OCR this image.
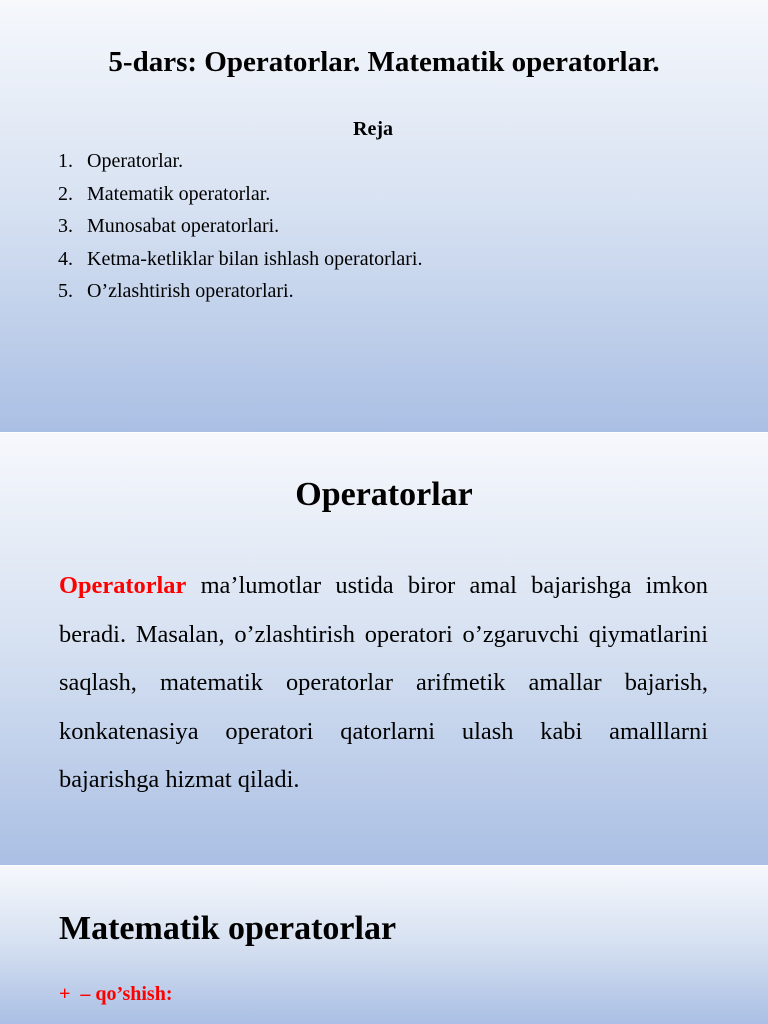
5-dars: Operatorlar. Matematik operatorlar.
Reja
1. Operatorlar.
2. Matematik operatorlar.
3. Munosabat operatorlari.
4. Ketma-ketliklar bilan ishlash operatorlari.
5. O’zlashtirish operatorlari.
Operatorlar

Operatorlar ma’lumotlar ustida biror amal bajarishga imkon beradi. Masalan, o’zlashtirish operatori o’zgaruvchi qiymatlarini saqlash, matematik operatorlar arifmetik amallar bajarish, konkatenasiya operatori qatorlarni ulash kabi amalllarni bajarishga hizmat qiladi.

Matematik operatorlar
+ – qo’shish:
